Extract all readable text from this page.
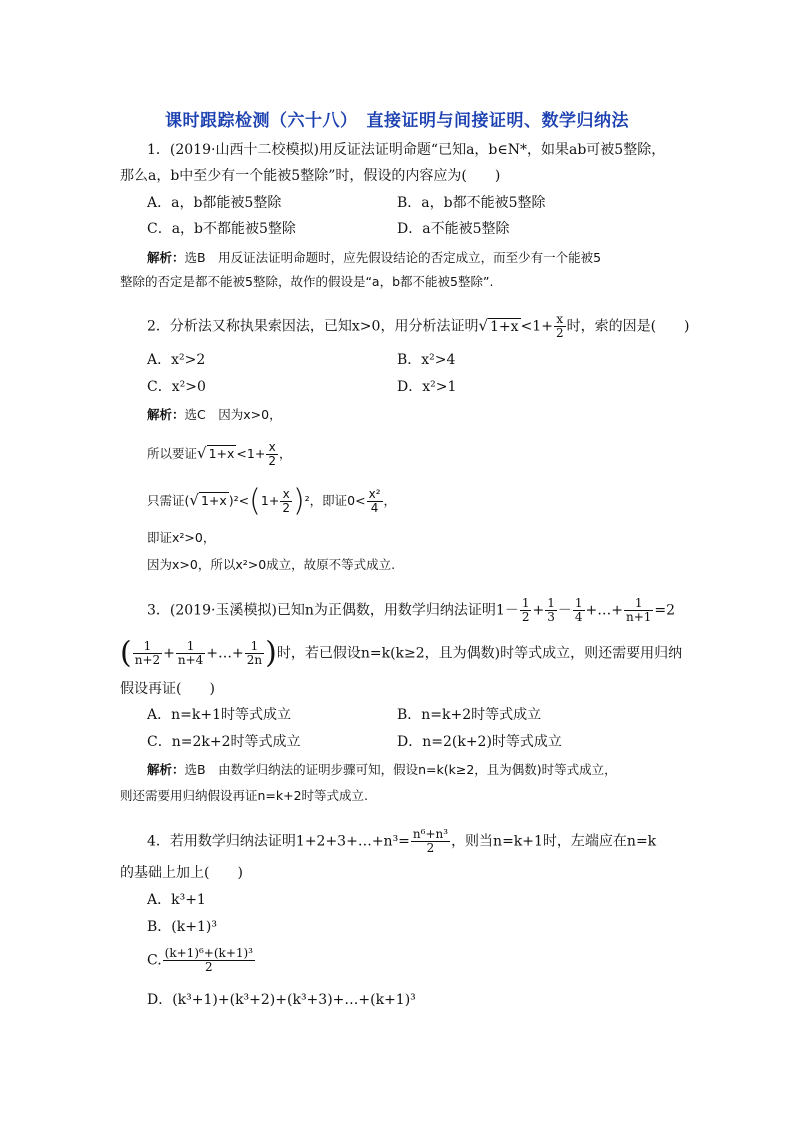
课时跟踪检测（六十八）　直接证明与间接证明、数学归纳法
1．(2019·山西十二校模拟)用反证法证明命题“已知a，b∈N*，如果ab可被5整除，
那么a，b中至少有一个能被5整除”时，假设的内容应为(　　)
A．a，b都能被5整除	B．a，b都不能被5整除
C．a，b不都能被5整除	D．a不能被5整除
解析：选B　用反证法证明命题时，应先假设结论的否定成立，而至少有一个能被5
整除的否定是都不能被5整除，故作的假设是“a，b都不能被5整除”.
2．分析法又称执果索因法，已知x>0，用分析法证明√ $1+x <1+ \frac{x}{2}$ 时，索的因是(　　)
A．x²>2	B．x²>4
C．x²>0	D．x²>1
解析：选C　因为x>0，
所以要证√ $1+x <1+ \frac{x}{2}$ ，
只需证(√ 1+x )$^2<(1+ \frac{x}{2} )^2$，即证$0< \frac{\text{x²}}{4}$ ，
即证x²>0，
因为x>0，所以x²>0成立，故原不等式成立.
3．(2019·玉溪模拟)已知n为正偶数，用数学归纳法证明$1- \frac{1}{2} + \frac{1}{3} - \frac{1}{4}$ +…+ $\frac{1}{n+1} =2$
( $\frac{1}{n+2} + \frac{1}{n+4}$ +…+ $\frac{1}{2n}$ )时，若已假设n=k(k≥2，且为偶数)时等式成立，则还需要用归纳
假设再证(　　)
A．n=k+1时等式成立	B．n=k+2时等式成立
C．n=2k+2时等式成立	D．n=2(k+2)时等式成立
解析：选B　由数学归纳法的证明步骤可知，假设n=k(k≥2，且为偶数)时等式成立，
则还需要用归纳假设再证n=k+2时等式成立.
4．若用数学归纳法证明1+2+3+…+n³= $\frac{\text{n⁶+n³}}{2}$ ，则当n=k+1时，左端应在n=k
的基础上加上(　　)
A．k³+1
B．(k+1)³
C. $\frac{\text{(k+1)⁶+(k+1)³}}{2}$
D．(k³+1)+(k³+2)+(k³+3)+…+(k+1)³
